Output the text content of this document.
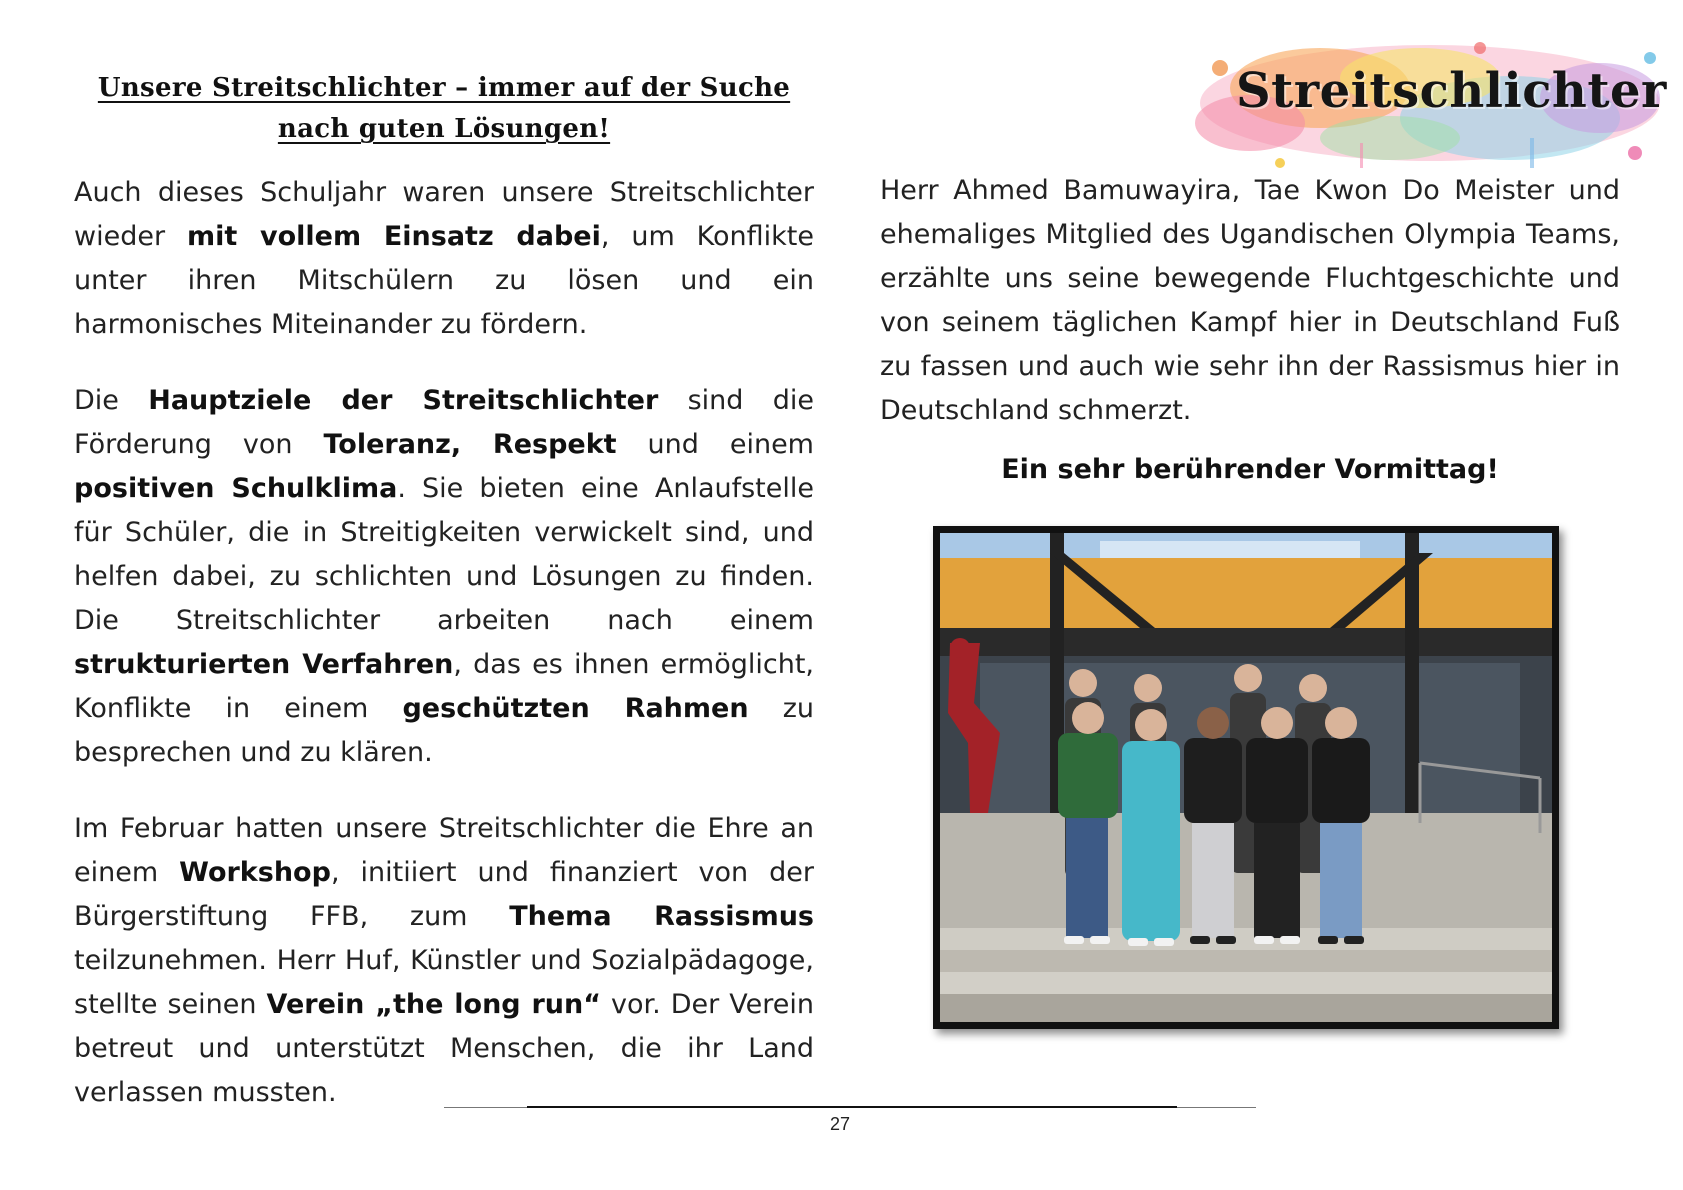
Unsere Streitschlichter – immer auf der Suche
nach guten Lösungen!
Streitschlichter

Auch dieses Schuljahr waren unsere Streitschlichter wieder mit vollem Einsatz dabei, um Konflikte unter ihren Mitschülern zu lösen und ein harmonisches Miteinander zu fördern.

Die Hauptziele der Streitschlichter sind die Förderung von Toleranz, Respekt und einem positiven Schulklima. Sie bieten eine Anlaufstelle für Schüler, die in Streitigkeiten verwickelt sind, und helfen dabei, zu schlichten und Lösungen zu finden. Die Streitschlichter arbeiten nach einem strukturierten Verfahren, das es ihnen ermöglicht, Konflikte in einem geschützten Rahmen zu besprechen und zu klären.

Im Februar hatten unsere Streitschlichter die Ehre an einem Workshop, initiiert und finanziert von der Bürgerstiftung FFB, zum Thema Rassismus teilzunehmen. Herr Huf, Künstler und Sozialpädagoge, stellte seinen Verein „the long run“ vor. Der Verein betreut und unterstützt Menschen, die ihr Land verlassen mussten.

Herr Ahmed Bamuwayira, Tae Kwon Do Meister und ehemaliges Mitglied des Ugandischen Olympia Teams, erzählte uns seine bewegende Fluchtgeschichte und von seinem täglichen Kampf hier in Deutschland Fuß zu fassen und auch wie sehr ihn der Rassismus hier in Deutschland schmerzt.

Ein sehr berührender Vormittag!
27
